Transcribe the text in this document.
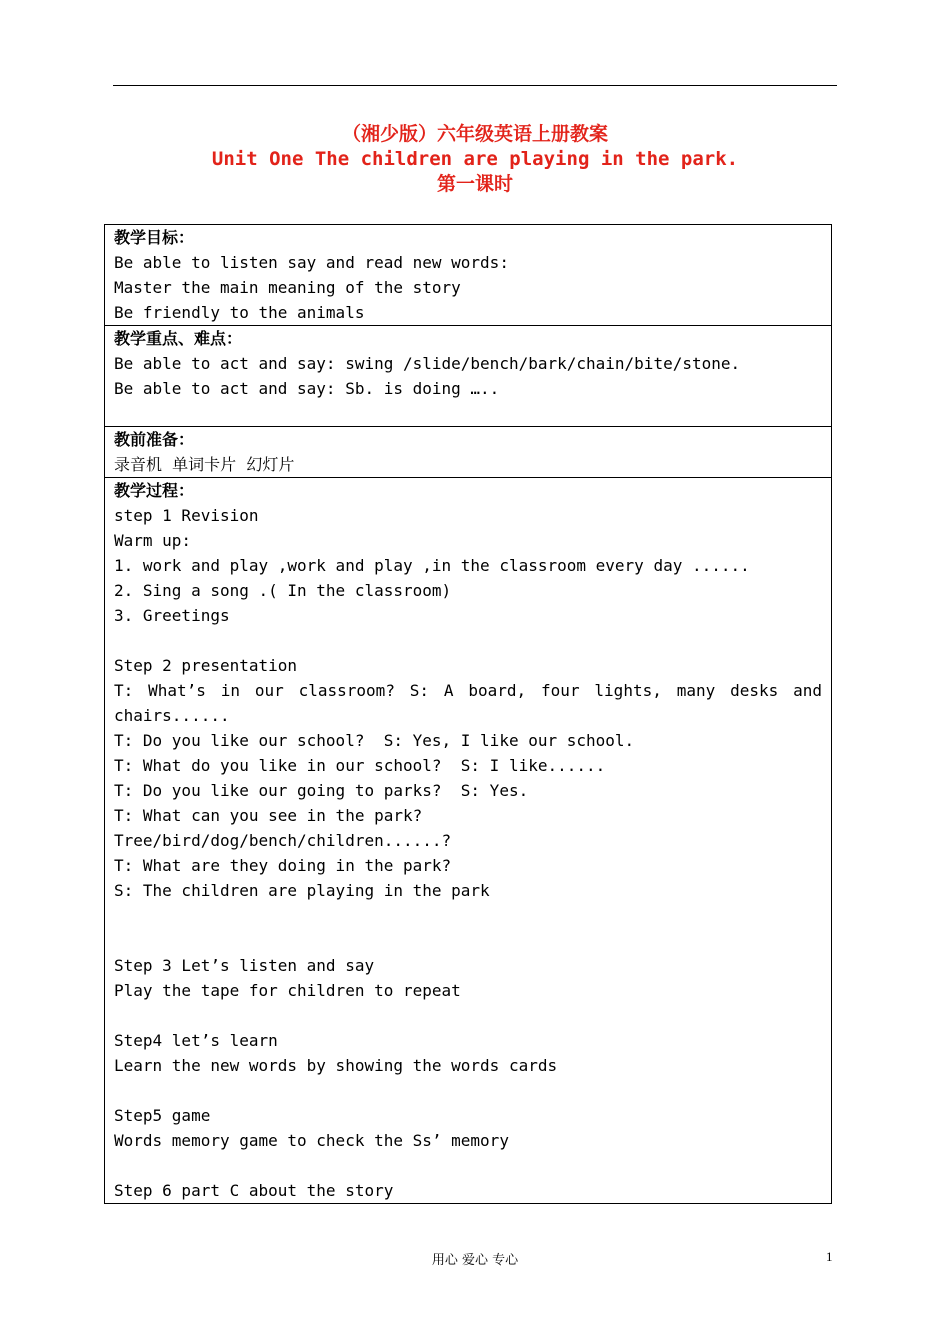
（湘少版）六年级英语上册教案
Unit One The children are playing in the park.
第一课时
教学目标：
Be able to listen say and read new words:
Master the main meaning of the story
Be friendly to the animals
教学重点、难点：
Be able to act and say: swing /slide/bench/bark/chain/bite/stone.
Be able to act and say: Sb. is doing …..
教前准备：
录音机  单词卡片  幻灯片
教学过程：
step 1 Revision
Warm up:
1. work and play ,work and play ,in the classroom every day ......
2. Sing a song .( In the classroom)
3. Greetings
Step 2 presentation
T: What’s in our classroom? S: A board, four lights, many desks and chairs......
T: Do you like our school?  S: Yes, I like our school.
T: What do you like in our school?  S: I like......
T: Do you like our going to parks?  S: Yes.
T: What can you see in the park?
Tree/bird/dog/bench/children......?
T: What are they doing in the park?
S: The children are playing in the park
Step 3 Let’s listen and say
Play the tape for children to repeat
Step4 let’s learn
Learn the new words by showing the words cards
Step5 game
Words memory game to check the Ss’ memory
Step 6 part C about the story
用心 爱心 专心	1
